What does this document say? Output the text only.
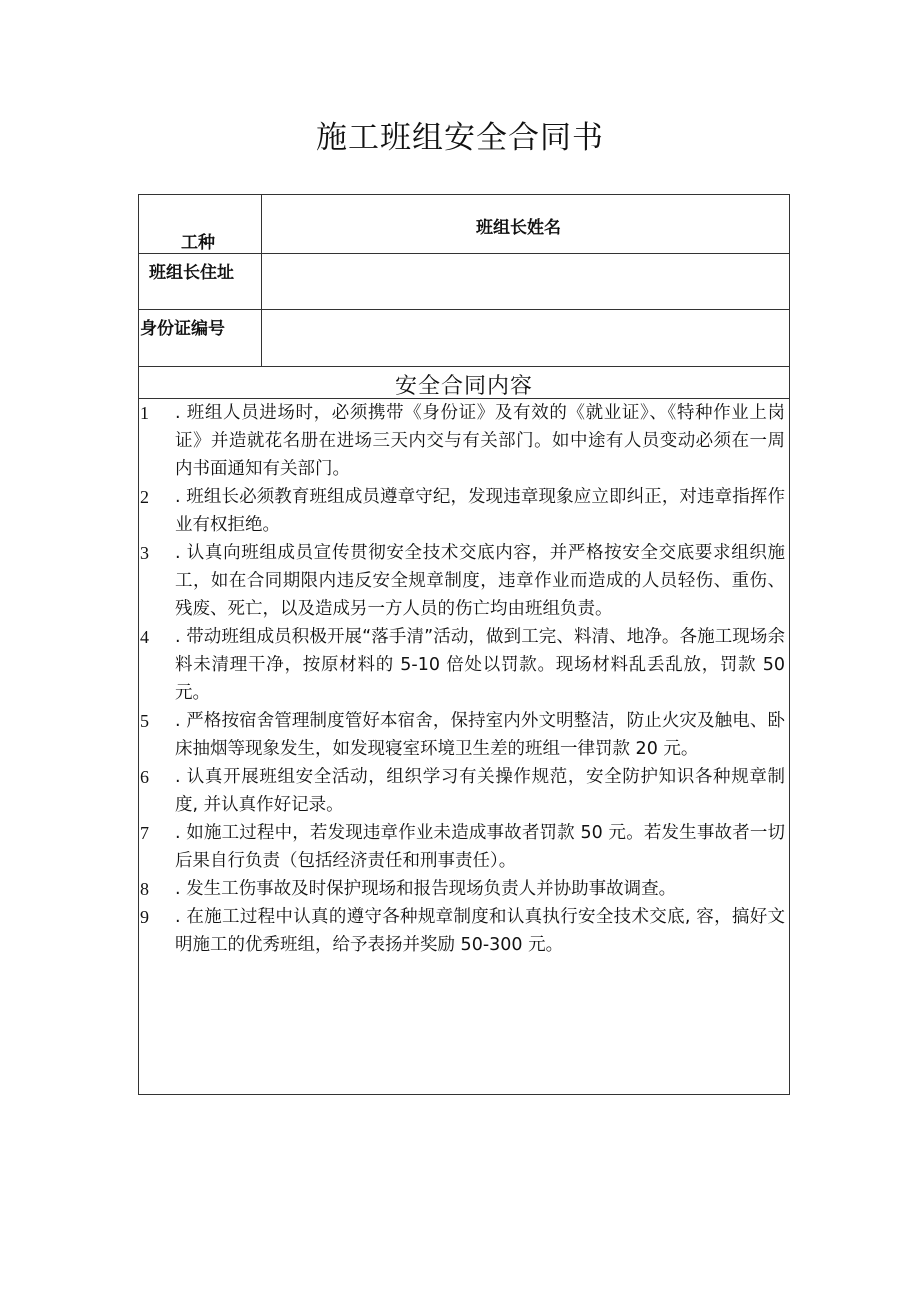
施工班组安全合同书
工种
班组长姓名
班组长住址
身份证编号
安全合同内容
1 . 班组人员进场时，必须携带《身份证》及有效的《就业证》、《特种作业上岗证》并造就花名册在进场三天内交与有关部门。如中途有人员变动必须在一周内书面通知有关部门。
2 . 班组长必须教育班组成员遵章守纪，发现违章现象应立即纠正，对违章指挥作业有权拒绝。
3 . 认真向班组成员宣传贯彻安全技术交底内容，并严格按安全交底要求组织施工，如在合同期限内违反安全规章制度，违章作业而造成的人员轻伤、重伤、残废、死亡，以及造成另一方人员的伤亡均由班组负责。
4 . 带动班组成员积极开展“落手清”活动，做到工完、料清、地净。各施工现场余料未清理干净，按原材料的 5-10 倍处以罚款。现场材料乱丢乱放，罚款 50 元。
5 . 严格按宿舍管理制度管好本宿舍，保持室内外文明整洁，防止火灾及触电、卧床抽烟等现象发生，如发现寝室环境卫生差的班组一律罚款 20 元。
6 . 认真开展班组安全活动，组织学习有关操作规范，安全防护知识各种规章制度, 并认真作好记录。
7 . 如施工过程中，若发现违章作业未造成事故者罚款 50 元。若发生事故者一切后果自行负责（包括经济责任和刑事责任）。
8 . 发生工伤事故及时保护现场和报告现场负责人并协助事故调查。
9 . 在施工过程中认真的遵守各种规章制度和认真执行安全技术交底, 容，搞好文明施工的优秀班组，给予表扬并奖励 50-300 元。
